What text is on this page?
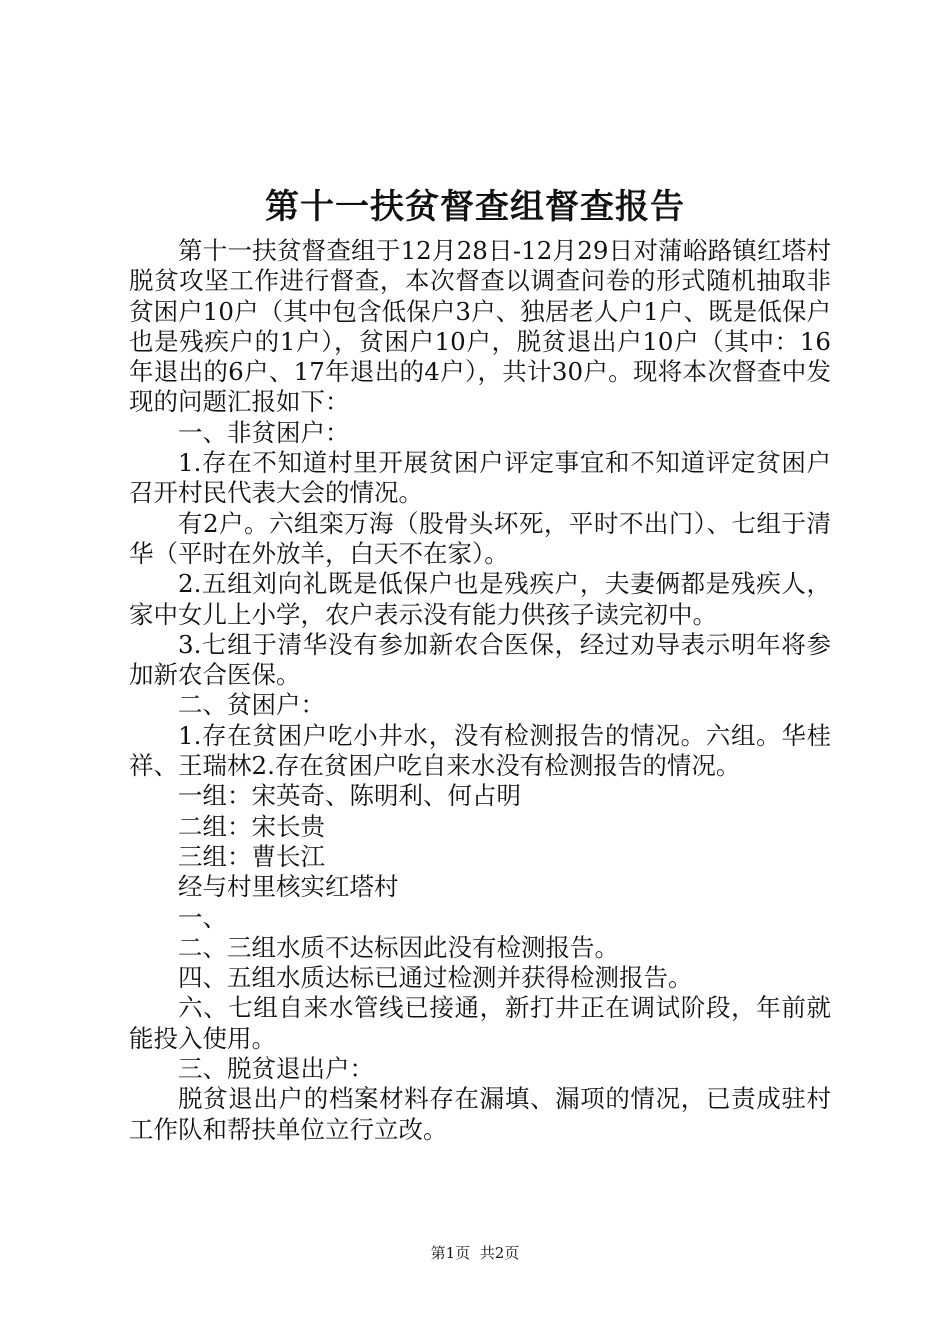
第十一扶贫督查组督查报告

第十一扶贫督查组于12月28日-12月29日对蒲峪路镇红塔村脱贫攻坚工作进行督查，本次督查以调查问卷的形式随机抽取非贫困户10户（其中包含低保户3户、独居老人户1户、既是低保户也是残疾户的1户），贫困户10户，脱贫退出户10户（其中：16年退出的6户、17年退出的4户），共计30户。现将本次督查中发现的问题汇报如下：

一、非贫困户：

1.存在不知道村里开展贫困户评定事宜和不知道评定贫困户召开村民代表大会的情况。

有2户。六组栾万海（股骨头坏死，平时不出门）、七组于清华（平时在外放羊，白天不在家）。

2.五组刘向礼既是低保户也是残疾户，夫妻俩都是残疾人，家中女儿上小学，农户表示没有能力供孩子读完初中。

3.七组于清华没有参加新农合医保，经过劝导表示明年将参加新农合医保。

二、贫困户：

1.存在贫困户吃小井水，没有检测报告的情况。六组。华桂祥、王瑞林2.存在贫困户吃自来水没有检测报告的情况。

一组：宋英奇、陈明利、何占明

二组：宋长贵

三组：曹长江

经与村里核实红塔村

一、

二、三组水质不达标因此没有检测报告。

四、五组水质达标已通过检测并获得检测报告。

六、七组自来水管线已接通，新打井正在调试阶段，年前就能投入使用。

三、脱贫退出户：

脱贫退出户的档案材料存在漏填、漏项的情况，已责成驻村工作队和帮扶单位立行立改。

第1页 共2页
